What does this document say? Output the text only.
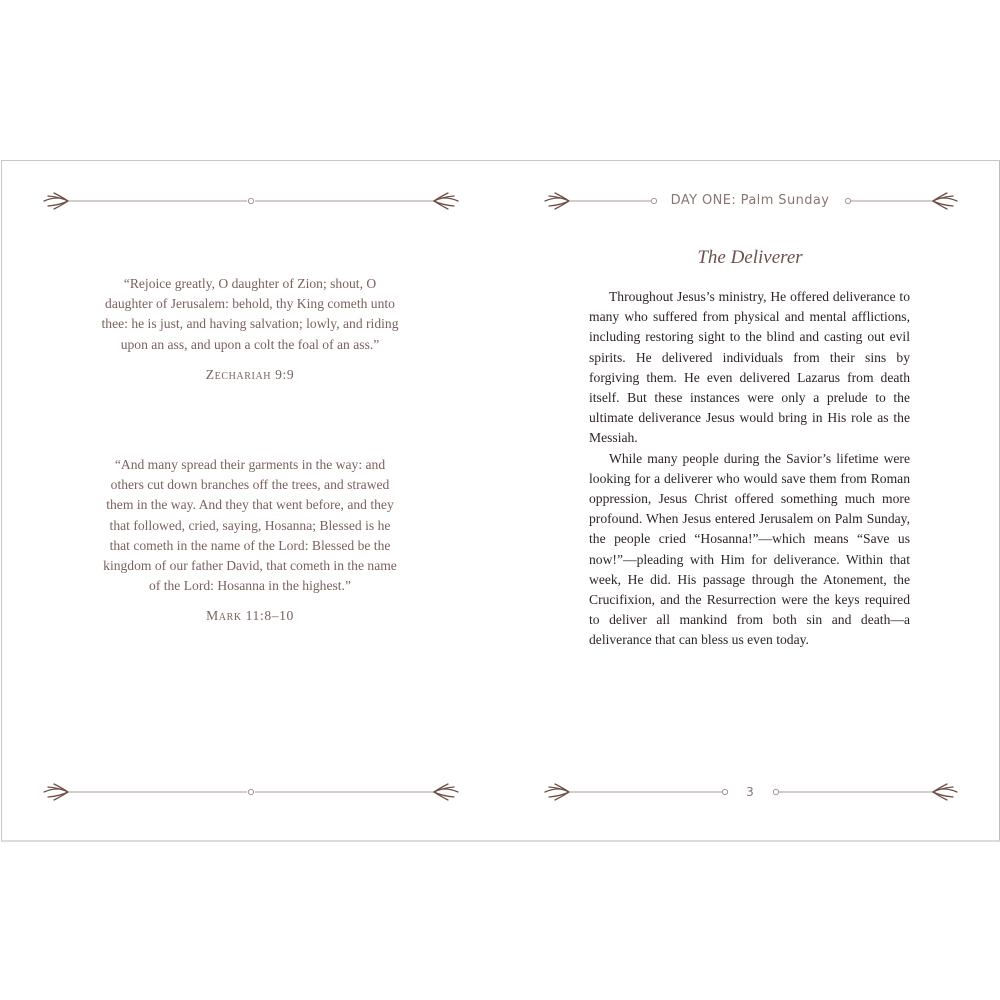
“Rejoice greatly, O daughter of Zion; shout, O daughter of Jerusalem: behold, thy King cometh unto thee: he is just, and having salvation; lowly, and riding upon an ass, and upon a colt the foal of an ass.”

Zechariah 9:9

“And many spread their garments in the way: and others cut down branches off the trees, and strawed them in the way. And they that went before, and they that followed, cried, saying, Hosanna; Blessed is he that cometh in the name of the Lord: Blessed be the kingdom of our father David, that cometh in the name of the Lord: Hosanna in the highest.”

Mark 11:8–10
DAY ONE: Palm Sunday
The Deliverer

Throughout Jesus’s ministry, He offered deliverance to many who suffered from physical and mental afflictions, including restoring sight to the blind and casting out evil spirits. He delivered individuals from their sins by forgiving them. He even delivered Lazarus from death itself. But these instances were only a prelude to the ultimate deliverance Jesus would bring in His role as the Messiah.

While many people during the Savior’s lifetime were looking for a deliverer who would save them from Roman oppression, Jesus Christ offered something much more profound. When Jesus entered Jerusalem on Palm Sunday, the people cried “Hosanna!”—which means “Save us now!”—pleading with Him for deliverance. Within that week, He did. His passage through the Atonement, the Crucifixion, and the Resurrection were the keys required to deliver all mankind from both sin and death—a deliverance that can bless us even today.

3
